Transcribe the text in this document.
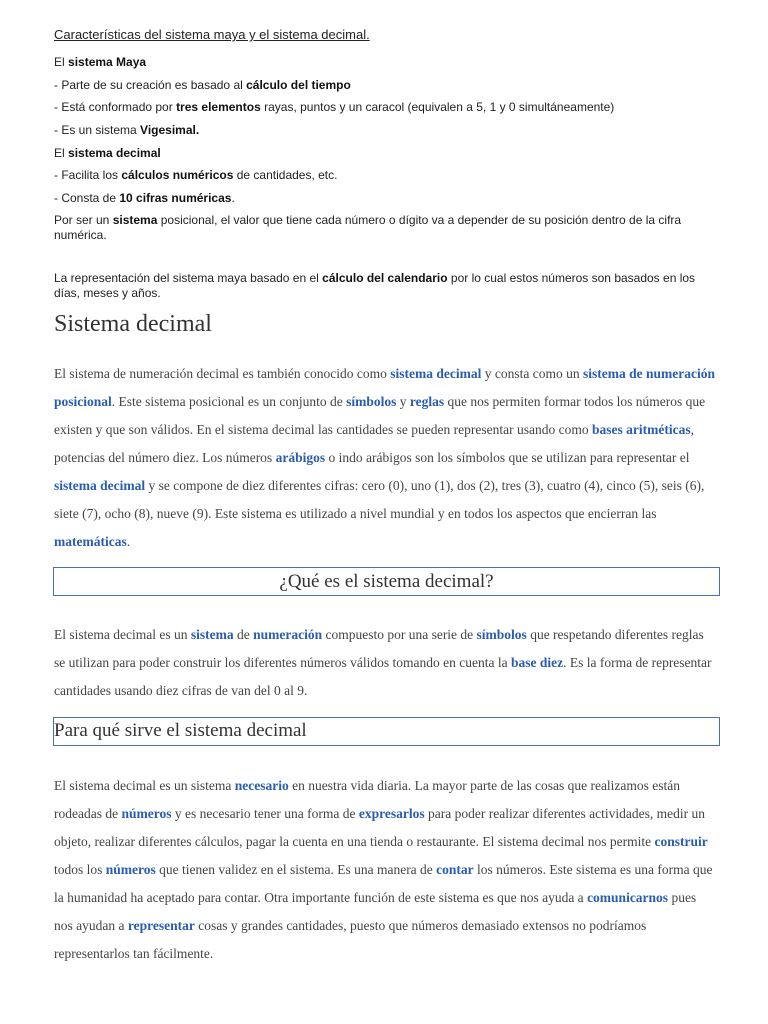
Características del sistema maya y el sistema decimal.
El sistema Maya
- Parte de su creación es basado al cálculo del tiempo
- Está conformado por tres elementos rayas, puntos y un caracol (equivalen a 5, 1 y 0 simultáneamente)
- Es un sistema Vigesimal.
El sistema decimal
- Facilita los cálculos numéricos de cantidades, etc.
- Consta de 10 cifras numéricas.
Por ser un sistema posicional, el valor que tiene cada número o dígito va a depender de su posición dentro de la cifra numérica.
La representación del sistema maya basado en el cálculo del calendario por lo cual estos números son basados en los días, meses y años.
Sistema decimal

El sistema de numeración decimal es también conocido como sistema decimal y consta como un sistema de numeración posicional. Este sistema posicional es un conjunto de símbolos y reglas que nos permiten formar todos los números que existen y que son válidos. En el sistema decimal las cantidades se pueden representar usando como bases aritméticas, potencias del número diez. Los números arábigos o indo arábigos son los símbolos que se utilizan para representar el sistema decimal y se compone de diez diferentes cifras: cero (0), uno (1), dos (2), tres (3), cuatro (4), cinco (5), seis (6), siete (7), ocho (8), nueve (9). Este sistema es utilizado a nivel mundial y en todos los aspectos que encierran las matemáticas.

¿Qué es el sistema decimal?

El sistema decimal es un sistema de numeración compuesto por una serie de símbolos que respetando diferentes reglas se utilizan para poder construir los diferentes números válidos tomando en cuenta la base diez. Es la forma de representar cantidades usando diez cifras de van del 0 al 9.

Para qué sirve el sistema decimal

El sistema decimal es un sistema necesario en nuestra vida diaria. La mayor parte de las cosas que realizamos están rodeadas de números y es necesario tener una forma de expresarlos para poder realizar diferentes actividades, medir un objeto, realizar diferentes cálculos, pagar la cuenta en una tienda o restaurante. El sistema decimal nos permite construir todos los números que tienen validez en el sistema. Es una manera de contar los números. Este sistema es una forma que la humanidad ha aceptado para contar. Otra importante función de este sistema es que nos ayuda a comunicarnos pues nos ayudan a representar cosas y grandes cantidades, puesto que números demasiado extensos no podríamos representarlos tan fácilmente.
